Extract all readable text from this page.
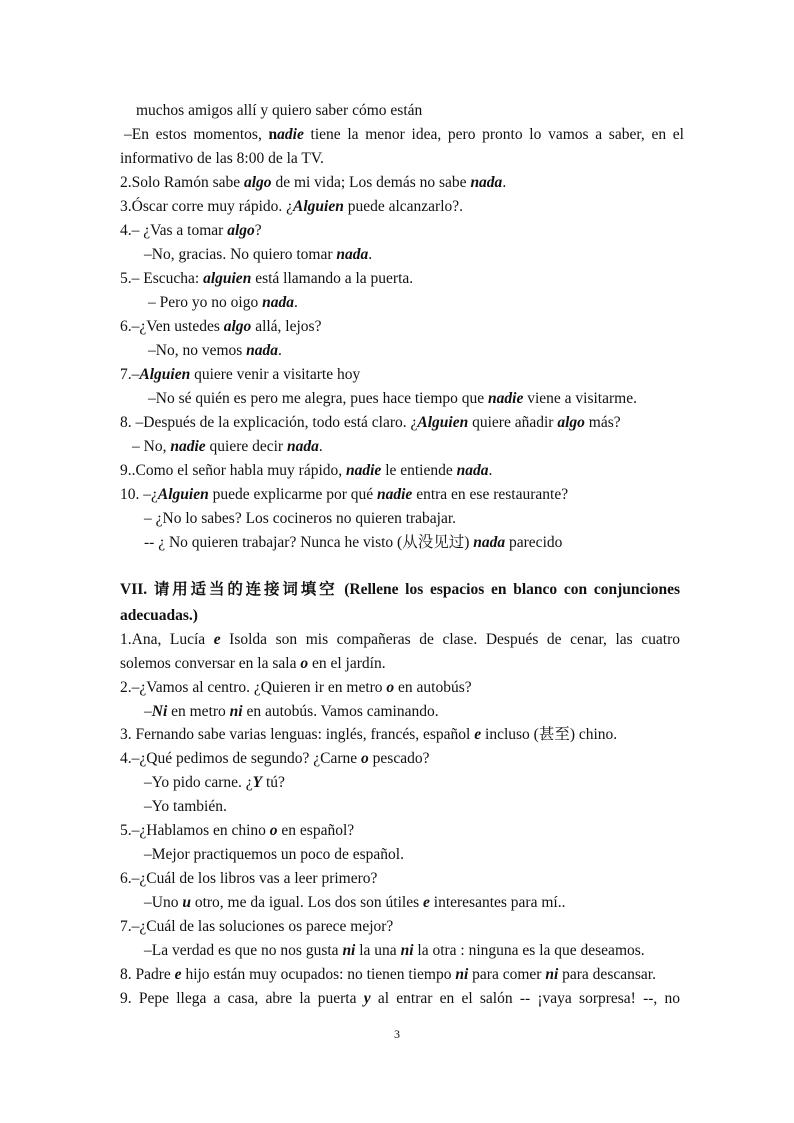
muchos amigos allí y quiero saber cómo están
–En estos momentos, nadie tiene la menor idea, pero pronto lo vamos a saber, en el
informativo de las 8:00 de la TV.
2.Solo Ramón sabe algo de mi vida; Los demás no sabe nada.
3.Óscar corre muy rápido. ¿Alguien puede alcanzarlo?.
4.– ¿Vas a tomar algo?
–No, gracias. No quiero tomar nada.
5.– Escucha: alguien está llamando a la puerta.
– Pero yo no oigo nada.
6.–¿Ven ustedes algo allá, lejos?
–No, no vemos nada.
7.–Alguien quiere venir a visitarte hoy
–No sé quién es pero me alegra, pues hace tiempo que nadie viene a visitarme.
8. –Después de la explicación, todo está claro. ¿Alguien quiere añadir algo más?
– No, nadie quiere decir nada.
9..Como el señor habla muy rápido, nadie le entiende nada.
10. –¿Alguien puede explicarme por qué nadie entra en ese restaurante?
– ¿No lo sabes? Los cocineros no quieren trabajar.
-- ¿ No quieren trabajar? Nunca he visto (从没见过) nada parecido
VII. 请用适当的连接词填空 (Rellene los espacios en blanco con conjunciones
adecuadas.)
1.Ana, Lucía e Isolda son mis compañeras de clase. Después de cenar, las cuatro
solemos conversar en la sala o en el jardín.
2.–¿Vamos al centro. ¿Quieren ir en metro o en autobús?
–Ni en metro ni en autobús. Vamos caminando.
3. Fernando sabe varias lenguas: inglés, francés, español e incluso (甚至) chino.
4.–¿Qué pedimos de segundo? ¿Carne o pescado?
–Yo pido carne. ¿Y tú?
–Yo también.
5.–¿Hablamos en chino o en español?
–Mejor practiquemos un poco de español.
6.–¿Cuál de los libros vas a leer primero?
–Uno u otro, me da igual. Los dos son útiles e interesantes para mí..
7.–¿Cuál de las soluciones os parece mejor?
–La verdad es que no nos gusta ni la una ni la otra : ninguna es la que deseamos.
8. Padre e hijo están muy ocupados: no tienen tiempo ni para comer ni para descansar.
9. Pepe llega a casa, abre la puerta y al entrar en el salón -- ¡vaya sorpresa! --, no
3
